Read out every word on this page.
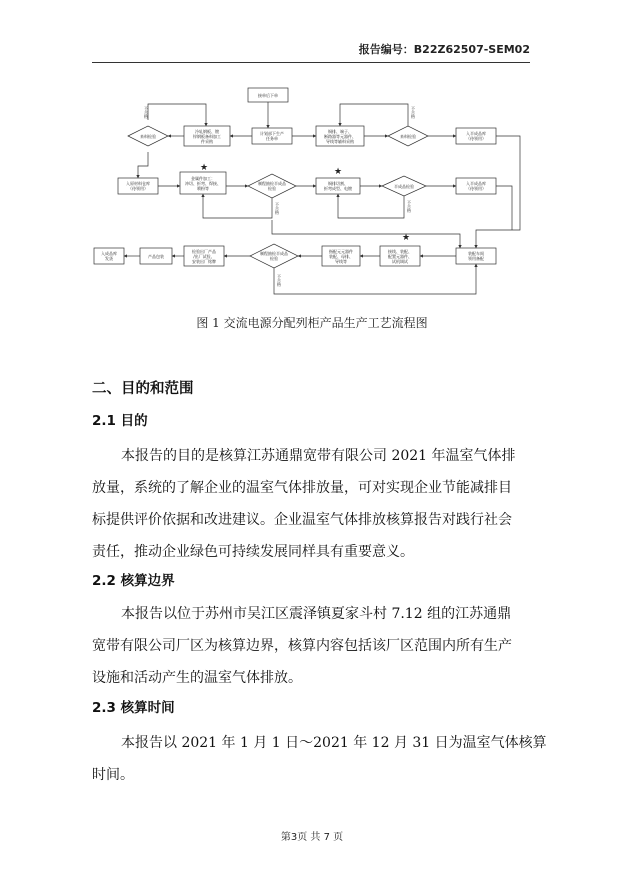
报告编号：B22Z62507-SEM02
★	★
★
接单后下单
计划部下生产
任务单
冷轧钢板、镀
锌钢板备料加工
件采购
铜排、端子、
断路器等元器件、
导线等辅料采购
来料检验	来料检验
入半成品库
（待领用）
入原材料仓库
（待领用）
金属件加工：
冲切、折弯、焊接、
喷粉等
制程抽检半成品
检验
铜排切割、
折弯成型、电镀	半成品检验
入半成品库
（待领用）
装配车间
领用备配
接线、装配、
配置元器件、
试机调试
指配元元器件
装配、母排、
导线等
制程抽检半成品
检验
检验出厂产品
/出厂试验、
安装出厂铭牌
产品包装
入成品库
发货
不
合
格
不
合
格
不
合
格
不
合
格
不
合
格
图 1 交流电源分配列柜产品生产工艺流程图
二、目的和范围
2.1 目的

本报告的目的是核算江苏通鼎宽带有限公司 2021 年温室气体排
放量，系统的了解企业的温室气体排放量，可对实现企业节能减排目
标提供评价依据和改进建议。企业温室气体排放核算报告对践行社会
责任，推动企业绿色可持续发展同样具有重要意义。

2.2 核算边界

本报告以位于苏州市吴江区震泽镇夏家斗村 7.12 组的江苏通鼎
宽带有限公司厂区为核算边界，核算内容包括该厂区范围内所有生产
设施和活动产生的温室气体排放。

2.3 核算时间

本报告以 2021 年 1 月 1 日～2021 年 12 月 31 日为温室气体核算
时间。

第3页 共 7 页
